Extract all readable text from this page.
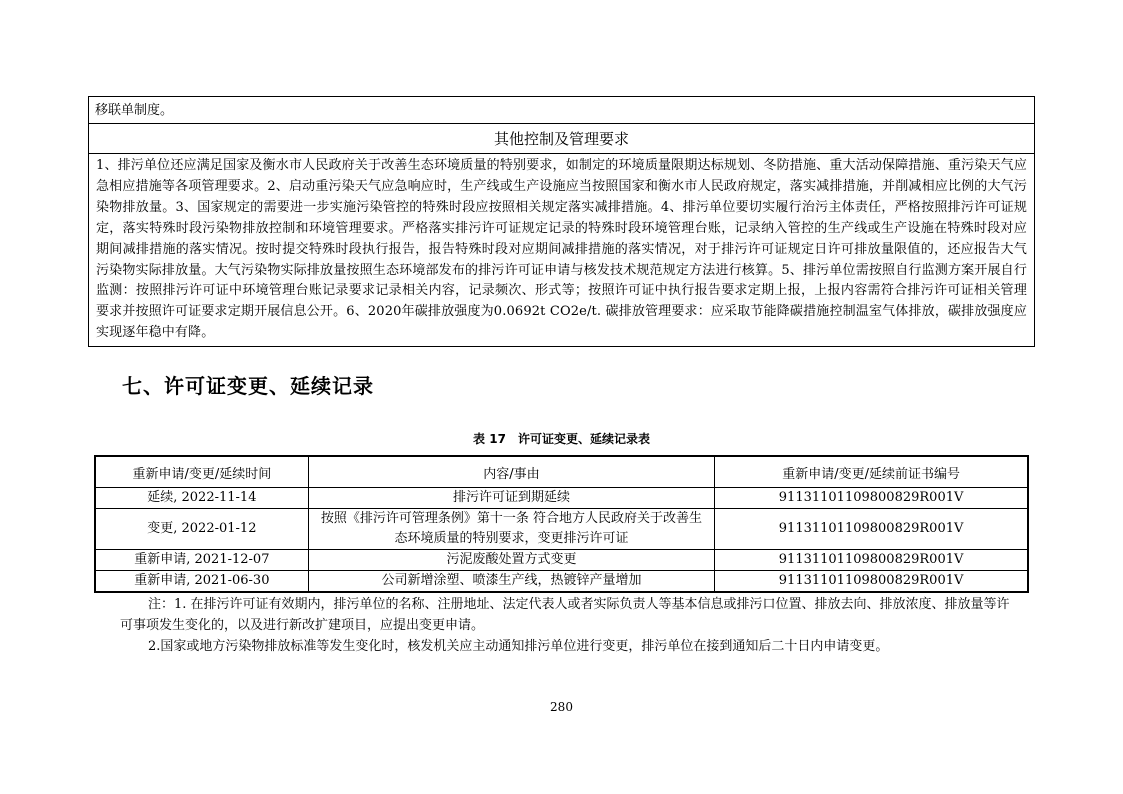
移联单制度。
其他控制及管理要求
1、排污单位还应满足国家及衡水市人民政府关于改善生态环境质量的特别要求，如制定的环境质量限期达标规划、冬防措施、重大活动保障措施、重污染天气应急相应措施等各项管理要求。2、启动重污染天气应急响应时，生产线或生产设施应当按照国家和衡水市人民政府规定，落实减排措施，并削减相应比例的大气污染物排放量。3、国家规定的需要进一步实施污染管控的特殊时段应按照相关规定落实减排措施。4、排污单位要切实履行治污主体责任，严格按照排污许可证规定，落实特殊时段污染物排放控制和环境管理要求。严格落实排污许可证规定记录的特殊时段环境管理台账，记录纳入管控的生产线或生产设施在特殊时段对应期间减排措施的落实情况。按时提交特殊时段执行报告，报告特殊时段对应期间减排措施的落实情况，对于排污许可证规定日许可排放量限值的，还应报告大气污染物实际排放量。大气污染物实际排放量按照生态环境部发布的排污许可证申请与核发技术规范规定方法进行核算。5、排污单位需按照自行监测方案开展自行监测：按照排污许可证中环境管理台账记录要求记录相关内容，记录频次、形式等；按照许可证中执行报告要求定期上报，上报内容需符合排污许可证相关管理要求并按照许可证要求定期开展信息公开。6、2020年碳排放强度为0.0692t CO2e/t. 碳排放管理要求：应采取节能降碳措施控制温室气体排放，碳排放强度应实现逐年稳中有降。
七、许可证变更、延续记录
表 17 许可证变更、延续记录表
重新申请/变更/延续时间	内容/事由	重新申请/变更/延续前证书编号
延续, 2022-11-14	排污许可证到期延续	91131101109800829R001V
变更, 2022-01-12	按照《排污许可管理条例》第十一条 符合地方人民政府关于改善生态环境质量的特别要求，变更排污许可证	91131101109800829R001V
重新申请, 2021-12-07	污泥废酸处置方式变更	91131101109800829R001V
重新申请, 2021-06-30	公司新增涂塑、喷漆生产线，热镀锌产量增加	91131101109800829R001V
注：1. 在排污许可证有效期内，排污单位的名称、注册地址、法定代表人或者实际负责人等基本信息或排污口位置、排放去向、排放浓度、排放量等许可事项发生变化的，以及进行新改扩建项目，应提出变更申请。
2.国家或地方污染物排放标准等发生变化时，核发机关应主动通知排污单位进行变更，排污单位在接到通知后二十日内申请变更。
280
